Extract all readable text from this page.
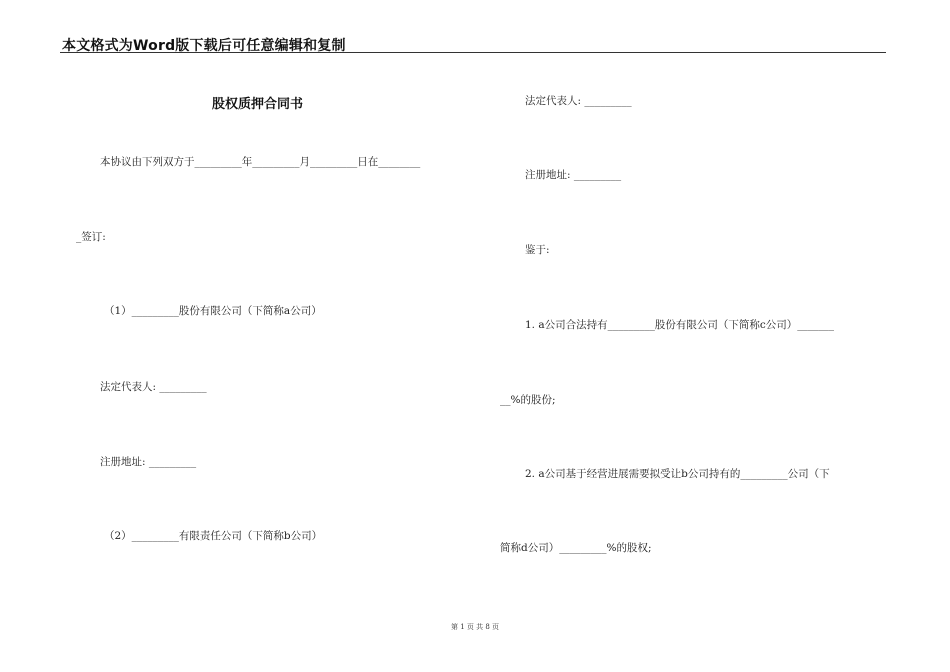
本文格式为Word版下载后可任意编辑和复制
股权质押合同书
本协议由下列双方于_________年_________月_________日在________
_签订:
（1）_________股份有限公司（下简称a公司）
法定代表人: _________
注册地址: _________
（2）_________有限责任公司（下简称b公司）
法定代表人: _________
注册地址: _________
鉴于:
1. a公司合法持有_________股份有限公司（下简称c公司）_______
__%的股份;
2. a公司基于经营进展需要拟受让b公司持有的_________公司（下
简称d公司）_________%的股权;
第 1 页 共 8 页
